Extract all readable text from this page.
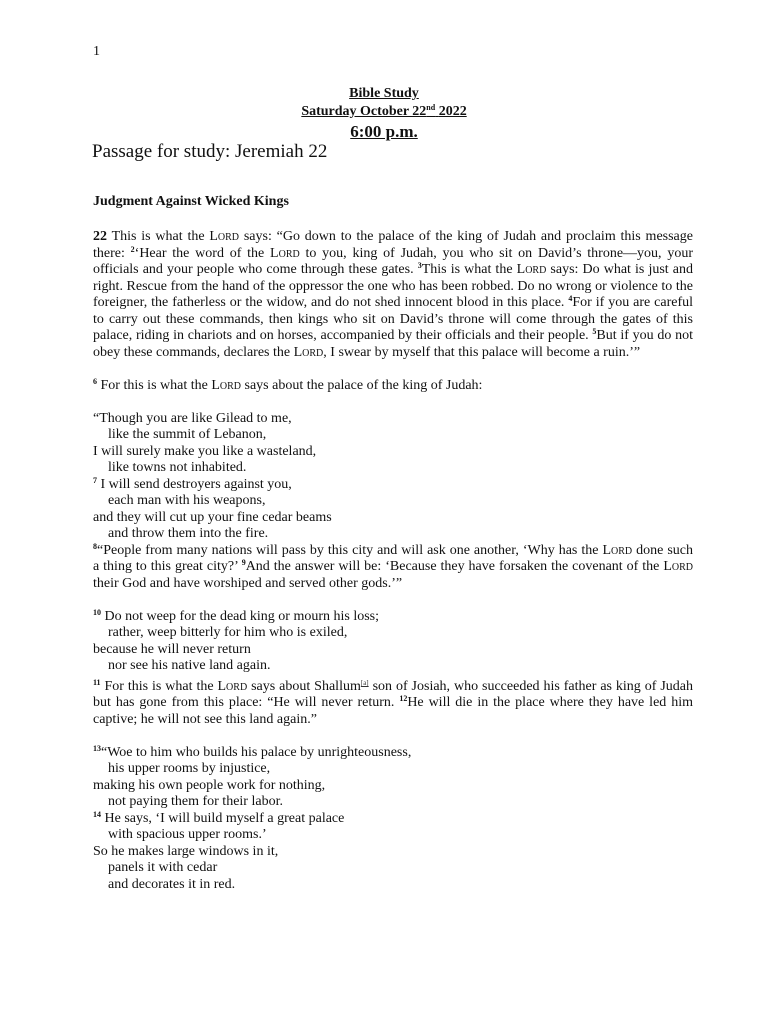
1
Bible Study
Saturday October 22nd 2022
6:00 p.m.
Passage for study: Jeremiah 22
Judgment Against Wicked Kings

22 This is what the Lord says: “Go down to the palace of the king of Judah and proclaim this message there: $^2$‘Hear the word of the Lord to you, king of Judah, you who sit on David’s throne—you, your officials and your people who come through these gates. $^3$This is what the Lord says: Do what is just and right. Rescue from the hand of the oppressor the one who has been robbed. Do no wrong or violence to the foreigner, the fatherless or the widow, and do not shed innocent blood in this place. $^4$For if you are careful to carry out these commands, then kings who sit on David’s throne will come through the gates of this palace, riding in chariots and on horses, accompanied by their officials and their people. $^5$But if you do not obey these commands, declares the Lord, I swear by myself that this palace will become a ruin.’”

$^6$ For this is what the Lord says about the palace of the king of Judah:

“Though you are like Gilead to me,
like the summit of Lebanon,
I will surely make you like a wasteland,
like towns not inhabited.
$^7$ I will send destroyers against you,
each man with his weapons,
and they will cut up your fine cedar beams
and throw them into the fire.

$^8$“People from many nations will pass by this city and will ask one another, ‘Why has the Lord done such a thing to this great city?’ $^9$And the answer will be: ‘Because they have forsaken the covenant of the Lord their God and have worshiped and served other gods.’”

$^{10}$ Do not weep for the dead king or mourn his loss;
rather, weep bitterly for him who is exiled,
because he will never return
nor see his native land again.

$^{11}$ For this is what the Lord says about Shallum[a] son of Josiah, who succeeded his father as king of Judah but has gone from this place: “He will never return. $^{12}$He will die in the place where they have led him captive; he will not see this land again.”

$^{13}$“Woe to him who builds his palace by unrighteousness,
his upper rooms by injustice,
making his own people work for nothing,
not paying them for their labor.
$^{14}$ He says, ‘I will build myself a great palace
with spacious upper rooms.’
So he makes large windows in it,
panels it with cedar
and decorates it in red.
